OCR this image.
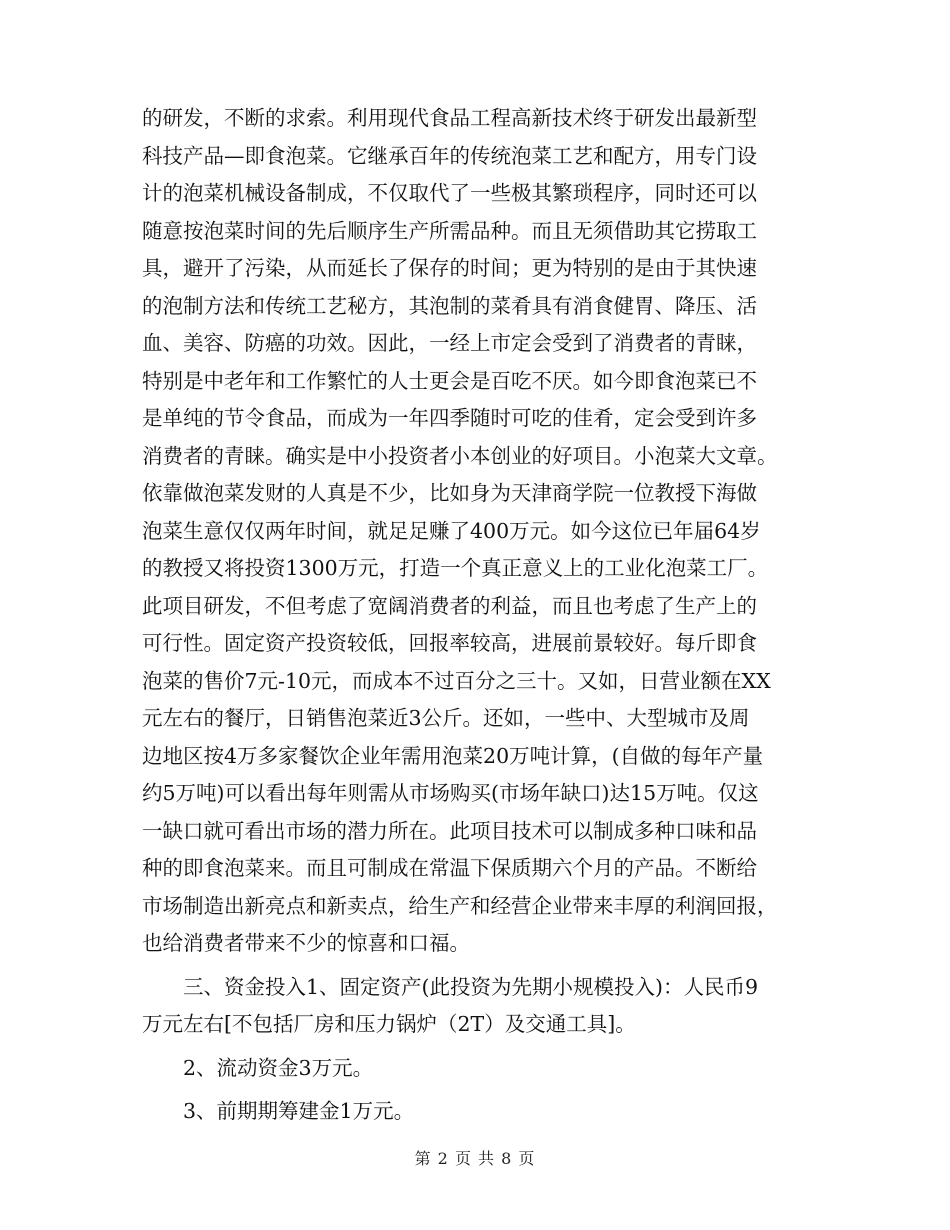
的研发，不断的求索。利用现代食品工程高新技术终于研发出最新型
科技产品—即食泡菜。它继承百年的传统泡菜工艺和配方，用专门设
计的泡菜机械设备制成，不仅取代了一些极其繁琐程序，同时还可以
随意按泡菜时间的先后顺序生产所需品种。而且无须借助其它捞取工
具，避开了污染，从而延长了保存的时间；更为特别的是由于其快速
的泡制方法和传统工艺秘方，其泡制的菜肴具有消食健胃、降压、活
血、美容、防癌的功效。因此，一经上市定会受到了消费者的青睐，
特别是中老年和工作繁忙的人士更会是百吃不厌。如今即食泡菜已不
是单纯的节令食品，而成为一年四季随时可吃的佳肴，定会受到许多
消费者的青睐。确实是中小投资者小本创业的好项目。小泡菜大文章。
依靠做泡菜发财的人真是不少，比如身为天津商学院一位教授下海做
泡菜生意仅仅两年时间，就足足赚了400万元。如今这位已年届64岁
的教授又将投资1300万元，打造一个真正意义上的工业化泡菜工厂。
此项目研发，不但考虑了宽阔消费者的利益，而且也考虑了生产上的
可行性。固定资产投资较低，回报率较高，进展前景较好。每斤即食
泡菜的售价7元-10元，而成本不过百分之三十。又如，日营业额在XX
元左右的餐厅，日销售泡菜近3公斤。还如，一些中、大型城市及周
边地区按4万多家餐饮企业年需用泡菜20万吨计算，(自做的每年产量
约5万吨)可以看出每年则需从市场购买(市场年缺口)达15万吨。仅这
一缺口就可看出市场的潜力所在。此项目技术可以制成多种口味和品
种的即食泡菜来。而且可制成在常温下保质期六个月的产品。不断给
市场制造出新亮点和新卖点，给生产和经营企业带来丰厚的利润回报，
也给消费者带来不少的惊喜和口福。
三、资金投入1、固定资产(此投资为先期小规模投入)：人民币9
万元左右[不包括厂房和压力锅炉（2T）及交通工具]。
2、流动资金3万元。
3、前期期筹建金1万元。
第 2 页 共 8 页
